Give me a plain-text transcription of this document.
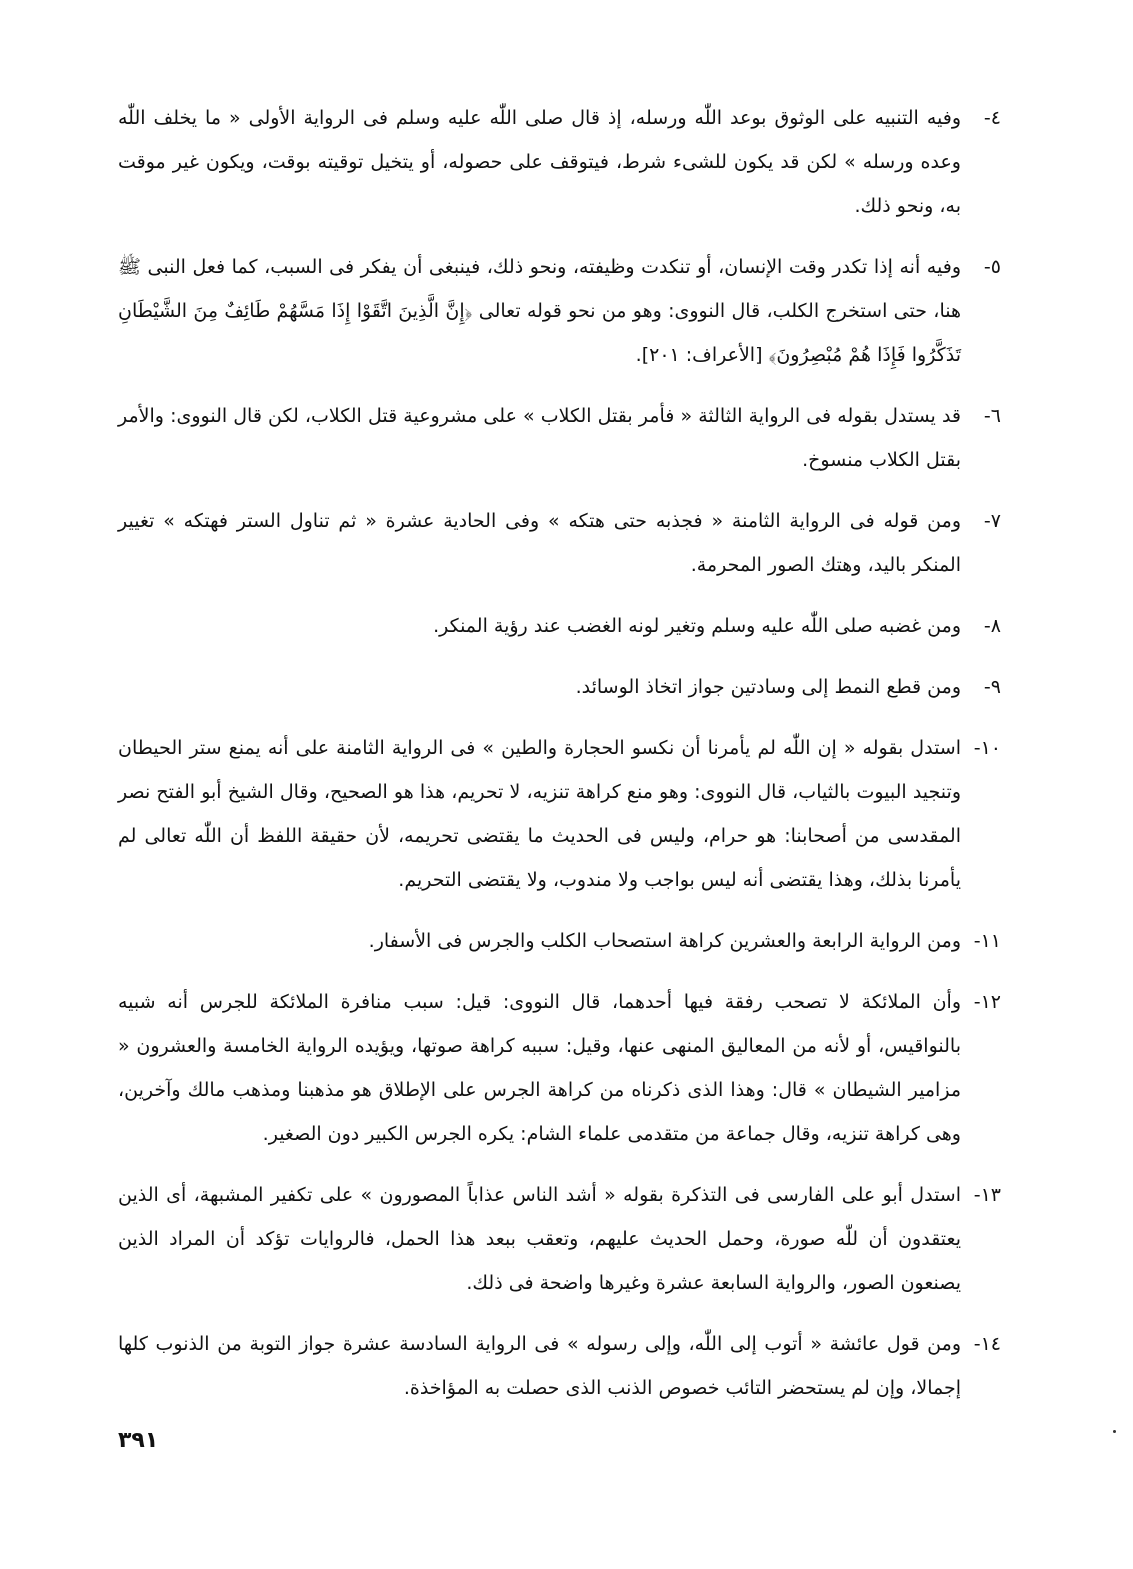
٤-
وفيه التنبيه على الوثوق بوعد اللّٰه ورسله، إذ قال صلى اللّٰه عليه وسلم فى الرواية الأولى « ما يخلف اللّٰه وعده ورسله » لكن قد يكون للشىء شرط، فيتوقف على حصوله، أو يتخيل توقيته بوقت، ويكون غير موقت به، ونحو ذلك.
٥-
وفيه أنه إذا تكدر وقت الإنسان، أو تنكدت وظيفته، ونحو ذلك، فينبغى أن يفكر فى السبب، كما فعل النبى ﷺ هنا، حتى استخرج الكلب، قال النووى: وهو من نحو قوله تعالى ﴿إِنَّ الَّذِينَ اتَّقَوْا إِذَا مَسَّهُمْ طَائِفٌ مِنَ الشَّيْطَانِ تَذَكَّرُوا فَإِذَا هُمْ مُبْصِرُونَ﴾ [الأعراف: ٢٠١].
٦-
قد يستدل بقوله فى الرواية الثالثة « فأمر بقتل الكلاب » على مشروعية قتل الكلاب، لكن قال النووى: والأمر بقتل الكلاب منسوخ.
٧-
ومن قوله فى الرواية الثامنة « فجذبه حتى هتكه » وفى الحادية عشرة « ثم تناول الستر فهتكه » تغيير المنكر باليد، وهتك الصور المحرمة.
٨-
ومن غضبه صلى اللّٰه عليه وسلم وتغير لونه الغضب عند رؤية المنكر.
٩-
ومن قطع النمط إلى وسادتين جواز اتخاذ الوسائد.
١٠-
استدل بقوله « إن اللّٰه لم يأمرنا أن نكسو الحجارة والطين » فى الرواية الثامنة على أنه يمنع ستر الحيطان وتنجيد البيوت بالثياب، قال النووى: وهو منع كراهة تنزيه، لا تحريم، هذا هو الصحيح، وقال الشيخ أبو الفتح نصر المقدسى من أصحابنا: هو حرام، وليس فى الحديث ما يقتضى تحريمه، لأن حقيقة اللفظ أن اللّٰه تعالى لم يأمرنا بذلك، وهذا يقتضى أنه ليس بواجب ولا مندوب، ولا يقتضى التحريم.
١١-
ومن الرواية الرابعة والعشرين كراهة استصحاب الكلب والجرس فى الأسفار.
١٢-
وأن الملائكة لا تصحب رفقة فيها أحدهما، قال النووى: قيل: سبب منافرة الملائكة للجرس أنه شبيه بالنواقيس، أو لأنه من المعاليق المنهى عنها، وقيل: سببه كراهة صوتها، ويؤيده الرواية الخامسة والعشرون « مزامير الشيطان » قال: وهذا الذى ذكرناه من كراهة الجرس على الإطلاق هو مذهبنا ومذهب مالك وآخرين، وهى كراهة تنزيه، وقال جماعة من متقدمى علماء الشام: يكره الجرس الكبير دون الصغير.
١٣-
استدل أبو على الفارسى فى التذكرة بقوله « أشد الناس عذاباً المصورون » على تكفير المشبهة، أى الذين يعتقدون أن للّٰه صورة، وحمل الحديث عليهم، وتعقب ببعد هذا الحمل، فالروايات تؤكد أن المراد الذين يصنعون الصور، والرواية السابعة عشرة وغيرها واضحة فى ذلك.
١٤-
ومن قول عائشة « أتوب إلى اللّٰه، وإلى رسوله » فى الرواية السادسة عشرة جواز التوبة من الذنوب كلها إجمالا، وإن لم يستحضر التائب خصوص الذنب الذى حصلت به المؤاخذة.
٣٩١
